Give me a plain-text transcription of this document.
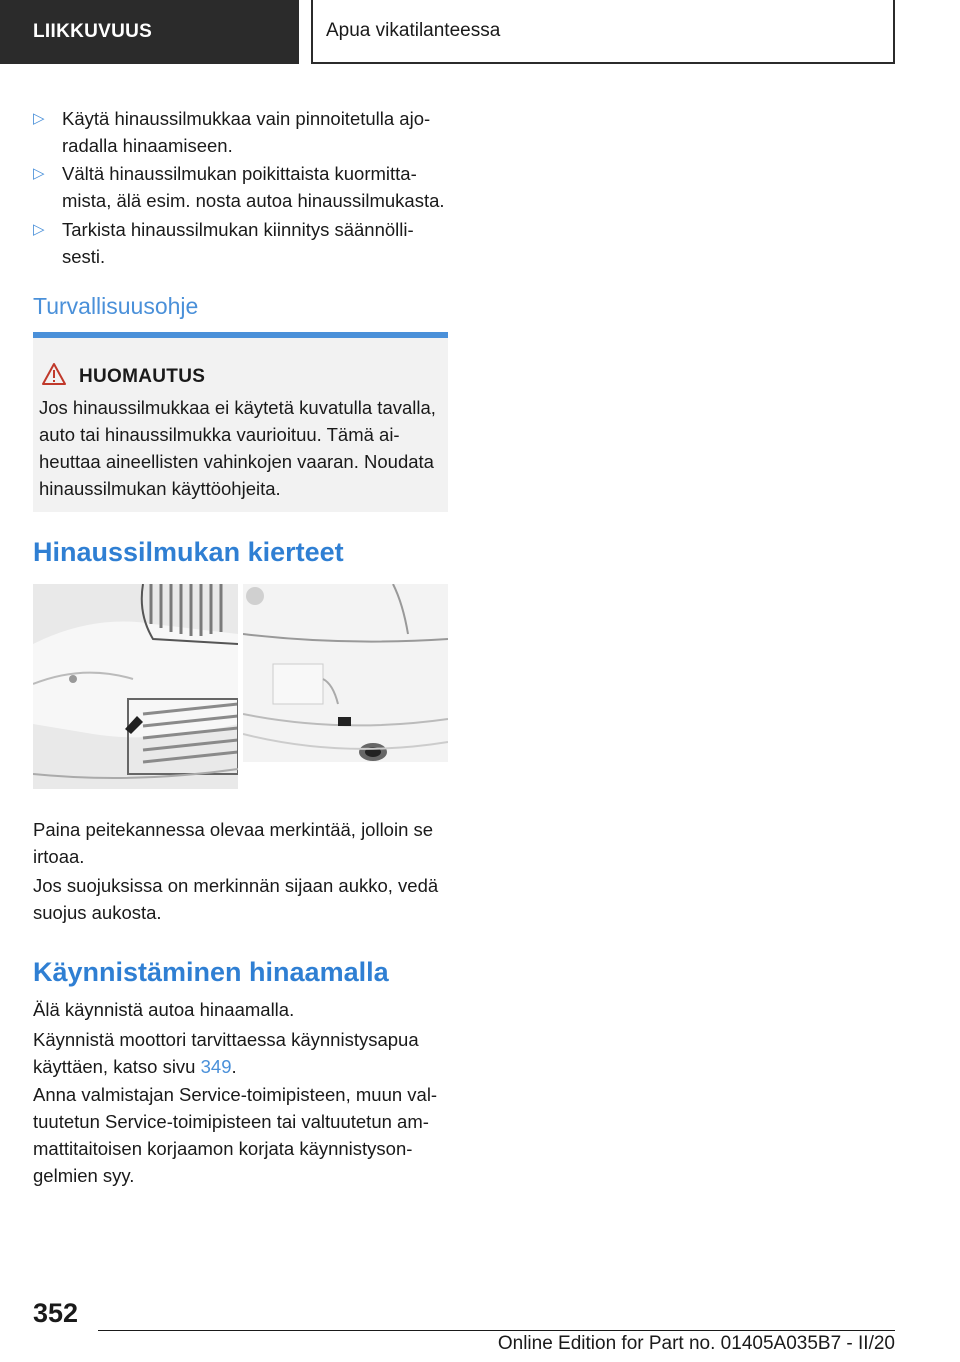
LIIKKUVUUS	Apua vikatilanteessa
▷ Käytä hinaussilmukkaa vain pinnoitetulla ajo-radalla hinaamiseen.
▷ Vältä hinaussilmukan poikittaista kuormitta-mista, älä esim. nosta autoa hinaussilmukasta.
▷ Tarkista hinaussilmukan kiinnitys säännölli-sesti.
Turvallisuusohje
HUOMAUTUS
Jos hinaussilmukkaa ei käytetä kuvatulla tavalla, auto tai hinaussilmukka vaurioituu. Tämä ai-heuttaa aineellisten vahinkojen vaaran. Noudata hinaussilmukan käyttöohjeita.
Hinaussilmukan kierteet
Paina peitekannessa olevaa merkintää, jolloin se irtoaa.
Jos suojuksissa on merkinnän sijaan aukko, vedä suojus aukosta.
Käynnistäminen hinaamalla
Älä käynnistä autoa hinaamalla.
Käynnistä moottori tarvittaessa käynnistysapua käyttäen, katso sivu 349.
Anna valmistajan Service-toimipisteen, muun val-tuutetun Service-toimipisteen tai valtuutetun am-mattitaitoisen korjaamon korjata käynnistyson-gelmien syy.
352
Online Edition for Part no. 01405A035B7 - II/20
